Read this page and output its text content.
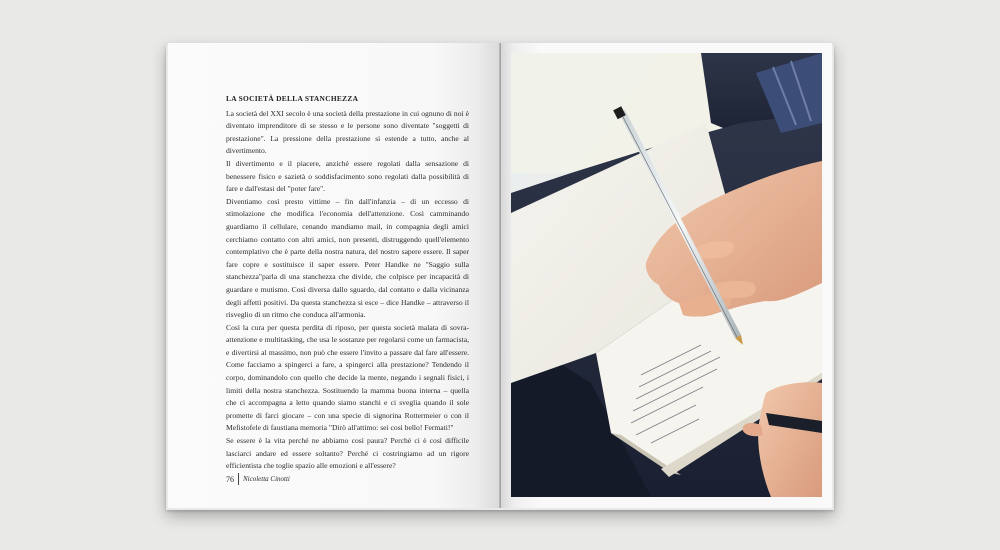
LA SOCIETÀ DELLA STANCHEZZA

La società del XXI secolo è una società della prestazione in cui ognuno di noi è diventato imprenditore di se stesso e le persone sono diventate "soggetti di prestazione". La pressione della prestazione si estende a tutto, anche al divertimento.

Il divertimento e il piacere, anziché essere regolati dalla sensazione di benessere fisico e sazietà o soddisfacimento sono regolati dalla possibilità di fare e dall'estasi del "poter fare".

Diventiamo così presto vittime – fin dall'infanzia – di un eccesso di stimolazione che modifica l'economia dell'attenzione. Così camminando guardiamo il cellulare, cenando mandiamo mail, in compagnia degli amici cerchiamo contatto con altri amici, non presenti, distruggendo quell'elemento contemplativo che è parte della nostra natura, del nostro sapere essere. Il saper fare copre e sostituisce il saper essere. Peter Handke ne "Saggio sulla stanchezza"parla di una stanchezza che divide, che colpisce per incapacità di guardare e mutismo. Così diversa dallo sguardo, dal contatto e dalla vicinanza degli affetti positivi. Da questa stanchezza si esce – dice Handke – attraverso il risveglio di un ritmo che conduca all'armonia.

Così la cura per questa perdita di riposo, per questa società malata di sovra-attenzione e multitasking, che usa le sostanze per regolarsi come un farmacista, e divertirsi al massimo, non può che essere l'invito a passare dal fare all'essere. Come facciamo a spingerci a fare, a spingerci alla prestazione? Tendendo il corpo, dominandolo con quello che decide la mente, negando i segnali fisici, i limiti della nostra stanchezza. Sostituendo la mamma buona interna – quella che ci accompagna a letto quando siamo stanchi e ci sveglia quando il sole promette di farci giocare – con una specie di signorina Rottermeier o con il Mefistofele di faustiana memoria "Dirò all'attimo: sei così bello! Fermati!"

Se essere è la vita perché ne abbiamo così paura? Perché ci è così difficile lasciarci andare ed essere soltanto? Perché ci costringiamo ad un rigore efficientista che toglie spazio alle emozioni e all'essere?

76 Nicoletta Cinotti
